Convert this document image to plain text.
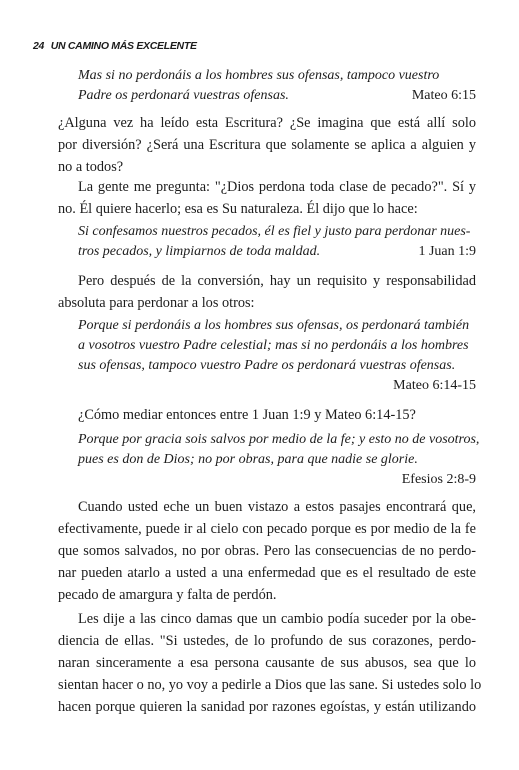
24 UN CAMINO MÁS EXCELENTE
Mas si no perdonáis a los hombres sus ofensas, tampoco vuestro
Padre os perdonará vuestras ofensas.	Mateo 6:15
¿Alguna vez ha leído esta Escritura? ¿Se imagina que está allí solo
por diversión? ¿Será una Escritura que solamente se aplica a alguien y
no a todos?
La gente me pregunta: "¿Dios perdona toda clase de pecado?". Sí y
no. Él quiere hacerlo; esa es Su naturaleza. Él dijo que lo hace:
Si confesamos nuestros pecados, él es fiel y justo para perdonar nues-
tros pecados, y limpiarnos de toda maldad.	1 Juan 1:9
Pero después de la conversión, hay un requisito y responsabilidad
absoluta para perdonar a los otros:
Porque si perdonáis a los hombres sus ofensas, os perdonará también
a vosotros vuestro Padre celestial; mas si no perdonáis a los hombres
sus ofensas, tampoco vuestro Padre os perdonará vuestras ofensas.
Mateo 6:14-15
¿Cómo mediar entonces entre 1 Juan 1:9 y Mateo 6:14-15?
Porque por gracia sois salvos por medio de la fe; y esto no de vosotros,
pues es don de Dios; no por obras, para que nadie se glorie.
Efesios 2:8-9
Cuando usted eche un buen vistazo a estos pasajes encontrará que,
efectivamente, puede ir al cielo con pecado porque es por medio de la fe
que somos salvados, no por obras. Pero las consecuencias de no perdo-
nar pueden atarlo a usted a una enfermedad que es el resultado de este
pecado de amargura y falta de perdón.
Les dije a las cinco damas que un cambio podía suceder por la obe-
diencia de ellas. "Si ustedes, de lo profundo de sus corazones, perdo-
naran sinceramente a esa persona causante de sus abusos, sea que lo
sientan hacer o no, yo voy a pedirle a Dios que las sane. Si ustedes solo lo
hacen porque quieren la sanidad por razones egoístas, y están utilizando
